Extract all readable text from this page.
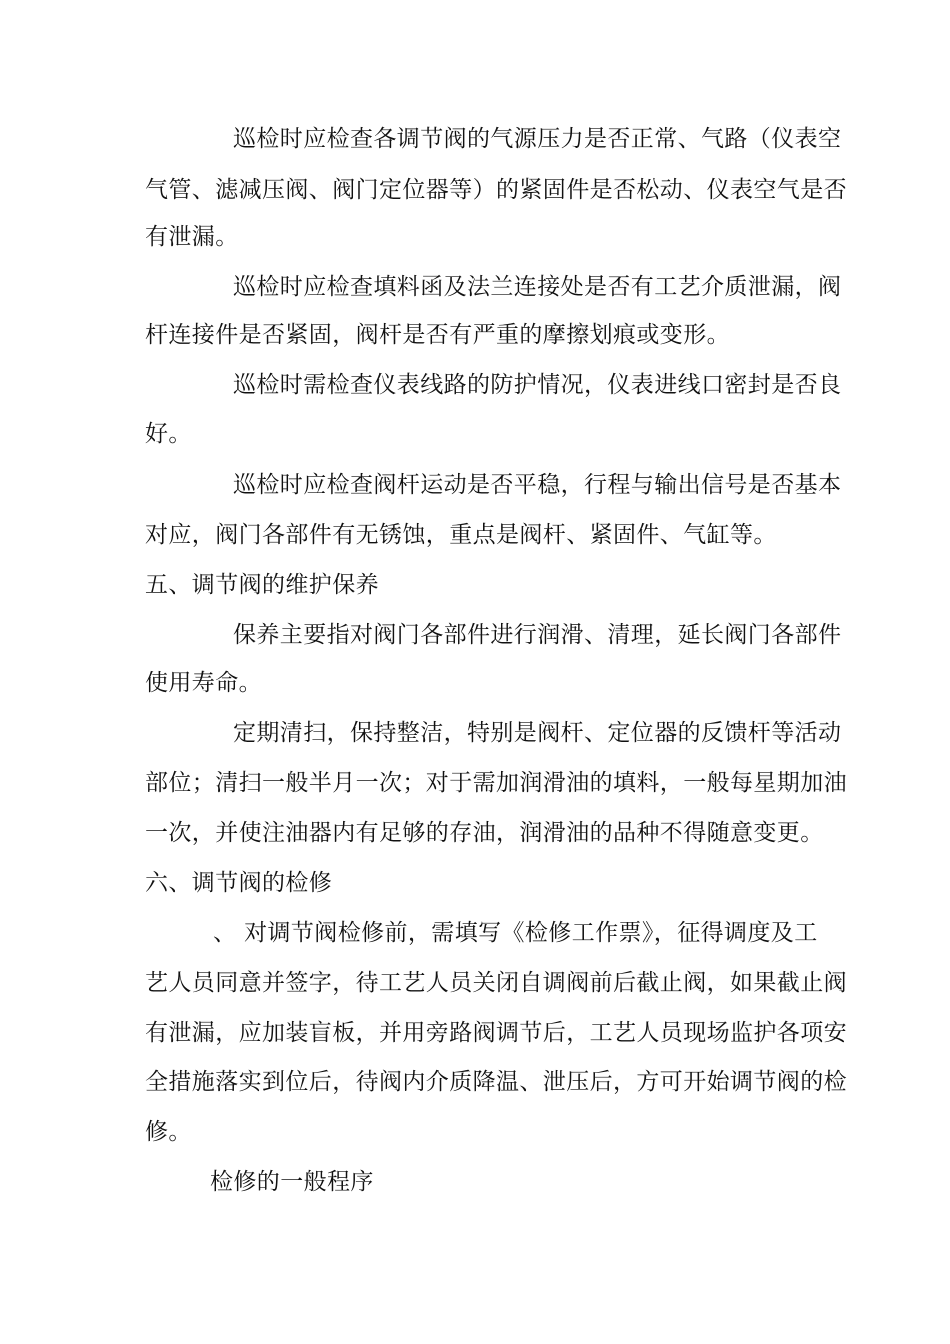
巡检时应检查各调节阀的气源压力是否正常、气路（仪表空
气管、滤减压阀、阀门定位器等）的紧固件是否松动、仪表空气是否
有泄漏。
巡检时应检查填料函及法兰连接处是否有工艺介质泄漏，阀
杆连接件是否紧固，阀杆是否有严重的摩擦划痕或变形。
巡检时需检查仪表线路的防护情况，仪表进线口密封是否良
好。
巡检时应检查阀杆运动是否平稳，行程与输出信号是否基本
对应，阀门各部件有无锈蚀，重点是阀杆、紧固件、气缸等。
五、调节阀的维护保养
保养主要指对阀门各部件进行润滑、清理，延长阀门各部件
使用寿命。
定期清扫，保持整洁，特别是阀杆、定位器的反馈杆等活动
部位；清扫一般半月一次；对于需加润滑油的填料，一般每星期加油
一次，并使注油器内有足够的存油，润滑油的品种不得随意变更。
六、调节阀的检修
、 对调节阀检修前，需填写《检修工作票》，征得调度及工
艺人员同意并签字，待工艺人员关闭自调阀前后截止阀，如果截止阀
有泄漏，应加装盲板，并用旁路阀调节后，工艺人员现场监护各项安
全措施落实到位后，待阀内介质降温、泄压后，方可开始调节阀的检
修。
检修的一般程序
